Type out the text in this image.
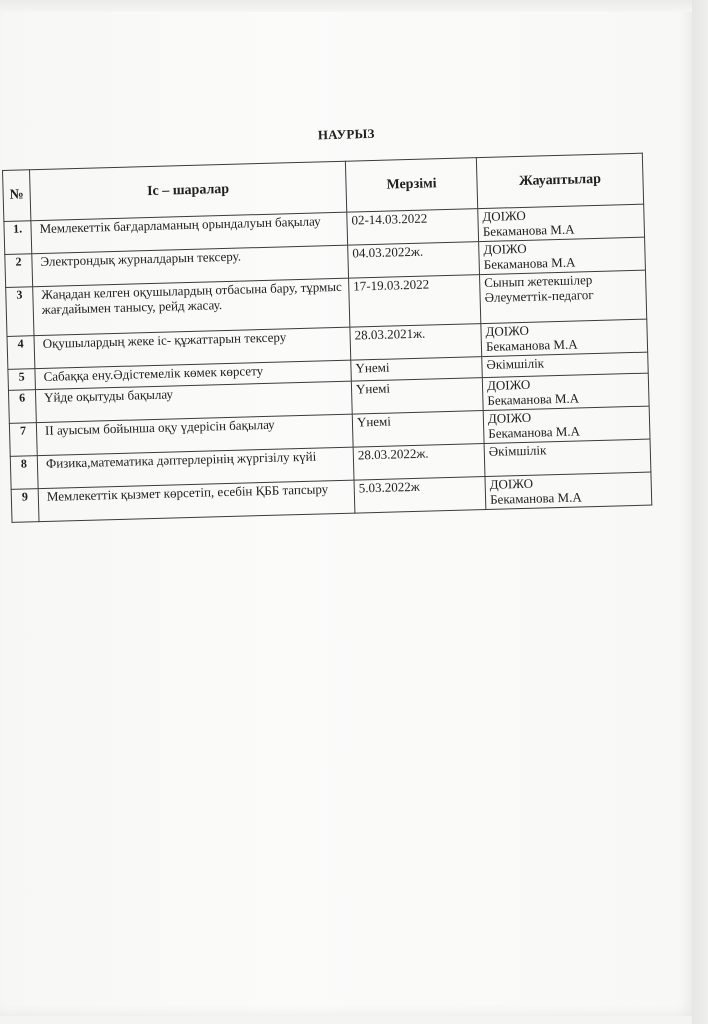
НАУРЫЗ
№	Іс – шаралар	Мерзімі	Жауаптылар
1.	Мемлекеттік бағдарламаның орындалуын бақылау	02-14.03.2022	ДОІЖО
Бекаманова М.А

2	Электрондық журналдарын тексеру.	04.03.2022ж.	ДОІЖО
Бекаманова М.А

3	Жаңадан келген оқушылардың отбасына бару, тұрмыс жағдайымен танысу, рейд жасау.	17-19.03.2022	Сынып жетекшілер
Әлеуметтік-педагог

4	Оқушылардың жеке іс- құжаттарын тексеру	28.03.2021ж.	ДОІЖО
Бекаманова М.А

5	Сабаққа ену.Әдістемелік көмек көрсету	Үнемі	Әкімшілік

6	Үйде оқытуды бақылау	Үнемі	ДОІЖО
Бекаманова М.А

7	ІІ ауысым бойынша оқу үдерісін бақылау	Үнемі	ДОІЖО
Бекаманова М.А

8	Физика,математика дәптерлерінің жүргізілу күйі	28.03.2022ж.	Әкімшілік

9	Мемлекеттік қызмет көрсетіп, есебін ҚББ тапсыру	5.03.2022ж	ДОІЖО
Бекаманова М.А
